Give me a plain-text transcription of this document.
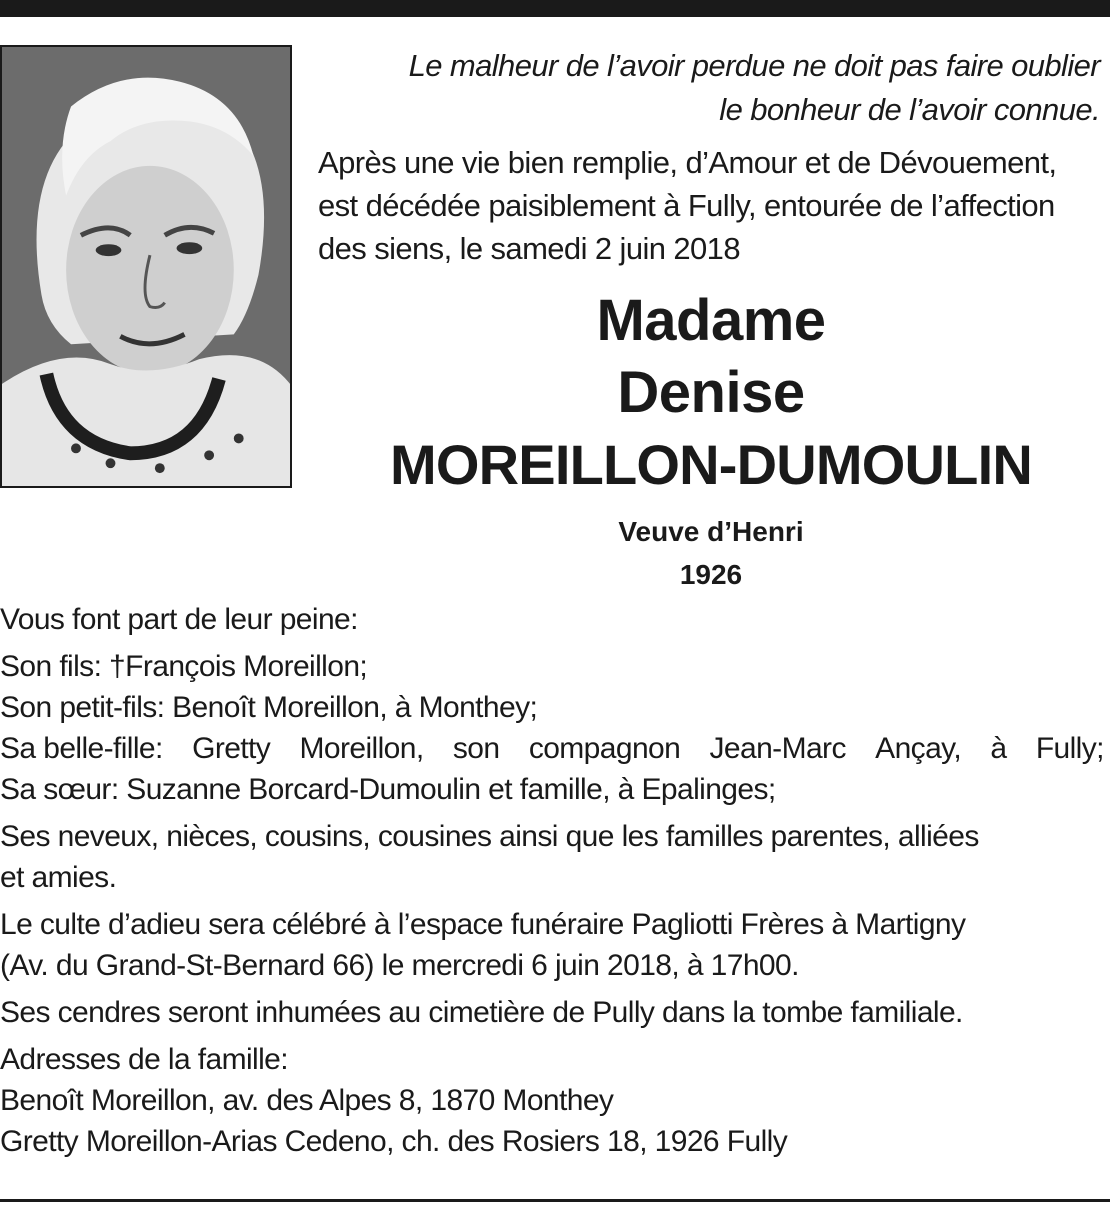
Le malheur de l’avoir perdue ne doit pas faire oublier
le bonheur de l’avoir connue.
Après une vie bien remplie, d’Amour et de Dévouement,
est décédée paisiblement à Fully, entourée de l’affection
des siens, le samedi 2 juin 2018
Madame
Denise
MOREILLON-DUMOULIN
Veuve d’Henri
1926
Vous font part de leur peine:
Son fils: †François Moreillon;
Son petit-fils: Benoît Moreillon, à Monthey;
Sa belle-fille: Gretty Moreillon, son compagnon Jean-Marc Ançay, à Fully;
Sa sœur: Suzanne Borcard-Dumoulin et famille, à Epalinges;
Ses neveux, nièces, cousins, cousines ainsi que les familles parentes, alliées
et amies.
Le culte d’adieu sera célébré à l’espace funéraire Pagliotti Frères à Martigny
(Av. du Grand-St-Bernard 66) le mercredi 6 juin 2018, à 17h00.
Ses cendres seront inhumées au cimetière de Pully dans la tombe familiale.
Adresses de la famille:
Benoît Moreillon, av. des Alpes 8, 1870 Monthey
Gretty Moreillon-Arias Cedeno, ch. des Rosiers 18, 1926 Fully
